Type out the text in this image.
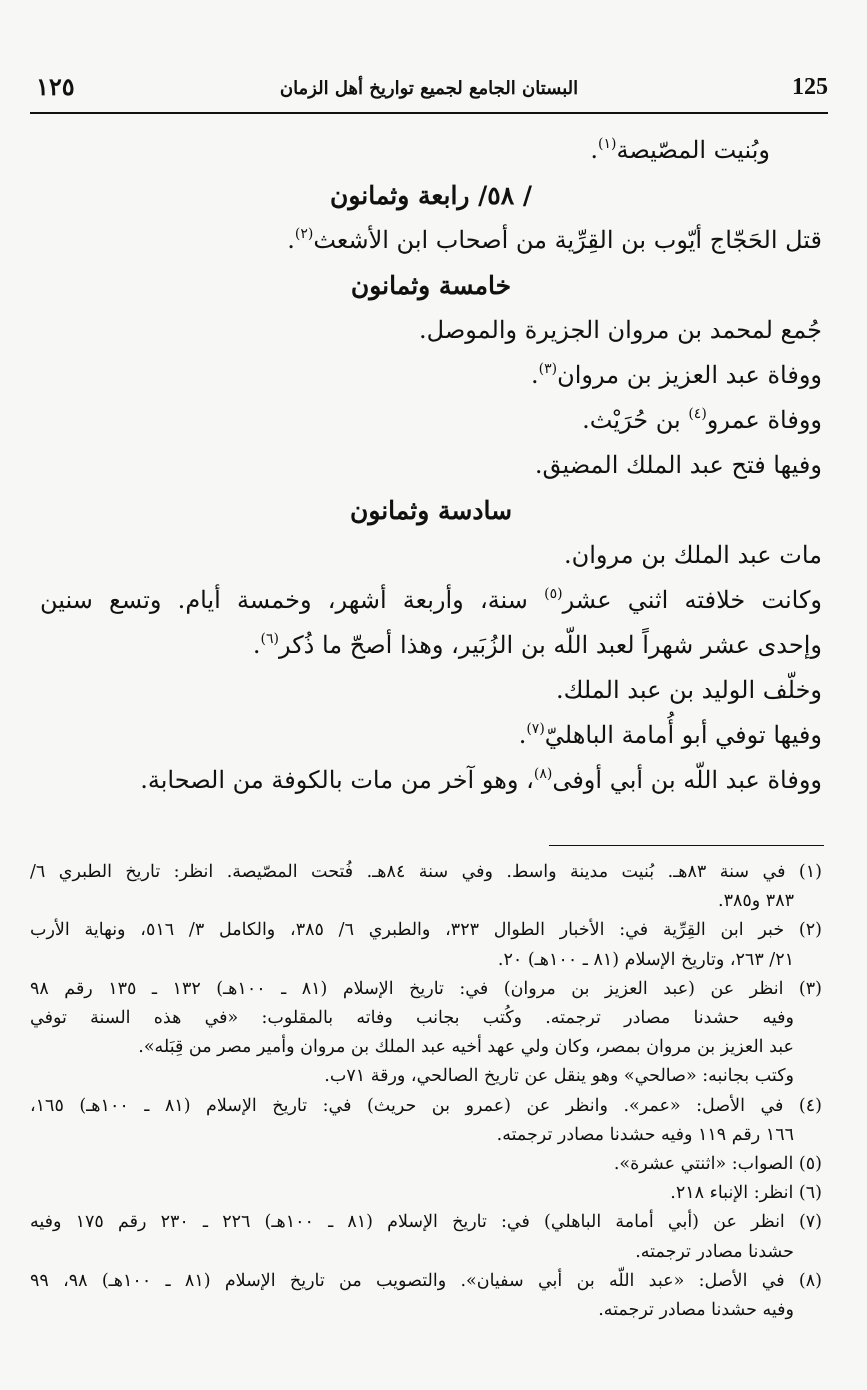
١٢٥	البستان الجامع لجميع تواريخ أهل الزمان	125
وبُنيت المصّيصة$^{(١)}$.
/ ٥٨/ رابعة وثمانون
قتل الحَجّاج أيّوب بن القِرِّية من أصحاب ابن الأشعث$^{(٢)}$.
خامسة وثمانون
جُمع لمحمد بن مروان الجزيرة والموصل.
ووفاة عبد العزيز بن مروان$^{(٣)}$.
ووفاة عمرو$^{(٤)}$ بن حُرَيْث.
وفيها فتح عبد الملك المضيق.
سادسة وثمانون
مات عبد الملك بن مروان.
وكانت خلافته اثني عشر$^{(٥)}$ سنة، وأربعة أشهر، وخمسة أيام. وتسع سنين
وإحدى عشر شهراً لعبد اللّه بن الزُبَير، وهذا أصحّ ما ذُكر$^{(٦)}$.
وخلّف الوليد بن عبد الملك.
وفيها توفي أبو أُمامة الباهليّ$^{(٧)}$.
ووفاة عبد اللّه بن أبي أوفى$^{(٨)}$، وهو آخر من مات بالكوفة من الصحابة.
(١) في سنة ٨٣هـ. بُنيت مدينة واسط. وفي سنة ٨٤هـ. فُتحت المصّيصة. انظر: تاريخ الطبري ٦/
٣٨٣ و٣٨٥.
(٢) خبر ابن القِرِّية في: الأخبار الطوال ٣٢٣، والطبري ٦/ ٣٨٥، والكامل ٣/ ٥١٦، ونهاية الأرب
٢١/ ٢٦٣، وتاريخ الإسلام (٨١ ـ ١٠٠هـ) ٢٠.
(٣) انظر عن (عبد العزيز بن مروان) في: تاريخ الإسلام (٨١ ـ ١٠٠هـ) ١٣٢ ـ ١٣٥ رقم ٩٨
وفيه حشدنا مصادر ترجمته. وكُتب بجانب وفاته بالمقلوب: «في هذه السنة توفي
عبد العزيز بن مروان بمصر، وكان ولي عهد أخيه عبد الملك بن مروان وأمير مصر من قِبَله».
وكتب بجانبه: «صالحي» وهو ينقل عن تاريخ الصالحي، ورقة ٧١ب.
(٤) في الأصل: «عمر». وانظر عن (عمرو بن حريث) في: تاريخ الإسلام (٨١ ـ ١٠٠هـ) ١٦٥،
١٦٦ رقم ١١٩ وفيه حشدنا مصادر ترجمته.
(٥) الصواب: «اثنتي عشرة».
(٦) انظر: الإنباء ٢١٨.
(٧) انظر عن (أبي أمامة الباهلي) في: تاريخ الإسلام (٨١ ـ ١٠٠هـ) ٢٢٦ ـ ٢٣٠ رقم ١٧٥ وفيه
حشدنا مصادر ترجمته.
(٨) في الأصل: «عبد اللّه بن أبي سفيان». والتصويب من تاريخ الإسلام (٨١ ـ ١٠٠هـ) ٩٨، ٩٩
وفيه حشدنا مصادر ترجمته.
